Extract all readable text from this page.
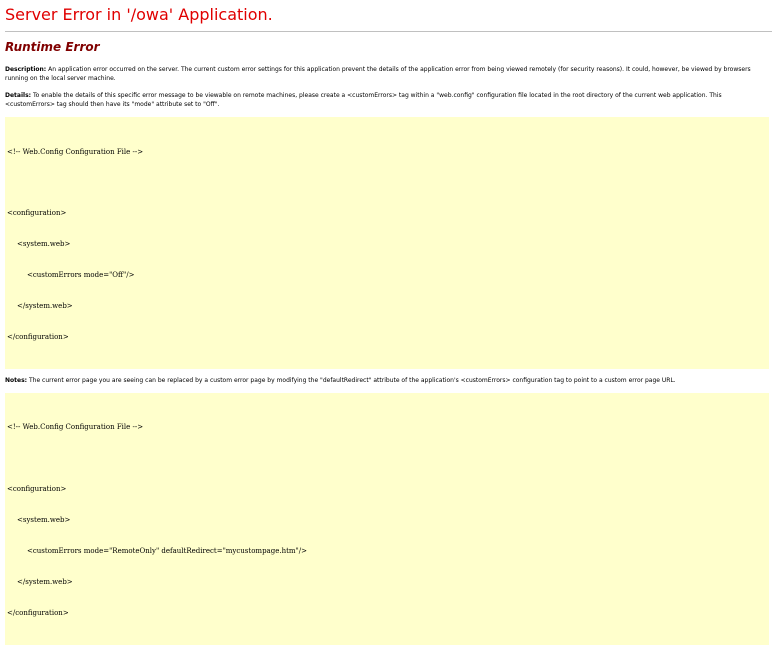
Server Error in '/owa' Application.
Runtime Error

Description: An application error occurred on the server. The current custom error settings for this application prevent the details of the application error from being viewed remotely (for security reasons). It could, however, be viewed by browsers running on the local server machine.

Details: To enable the details of this specific error message to be viewable on remote machines, please create a <customErrors> tag within a "web.config" configuration file located in the root directory of the current web application. This <customErrors> tag should then have its "mode" attribute set to "Off".

<!-- Web.Config Configuration File -->

<configuration>

<system.web>

<customErrors mode="Off"/>

</system.web>

</configuration>

Notes: The current error page you are seeing can be replaced by a custom error page by modifying the "defaultRedirect" attribute of the application's <customErrors> configuration tag to point to a custom error page URL.

<!-- Web.Config Configuration File -->

<configuration>

<system.web>

<customErrors mode="RemoteOnly" defaultRedirect="mycustompage.htm"/>

</system.web>

</configuration>
